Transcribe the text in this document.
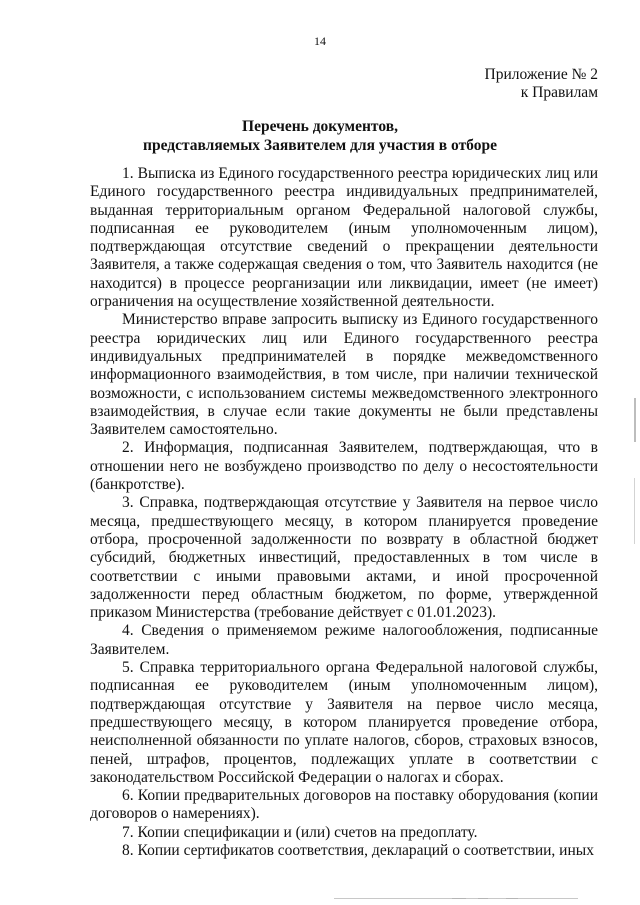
14
Приложение № 2
к Правилам
Перечень документов,
представляемых Заявителем для участия в отборе

1. Выписка из Единого государственного реестра юридических лиц или Единого государственного реестра индивидуальных предпринимателей, выданная территориальным органом Федеральной налоговой службы, подписанная ее руководителем (иным уполномоченным лицом), подтверждающая отсутствие сведений о прекращении деятельности Заявителя, а также содержащая сведения о том, что Заявитель находится (не находится) в процессе реорганизации или ликвидации, имеет (не имеет) ограничения на осуществление хозяйственной деятельности.

Министерство вправе запросить выписку из Единого государственного реестра юридических лиц или Единого государственного реестра индивидуальных предпринимателей в порядке межведомственного информационного взаимодействия, в том числе, при наличии технической возможности, с использованием системы межведомственного электронного взаимодействия, в случае если такие документы не были представлены Заявителем самостоятельно.

2. Информация, подписанная Заявителем, подтверждающая, что в отношении него не возбуждено производство по делу о несостоятельности (банкротстве).

3. Справка, подтверждающая отсутствие у Заявителя на первое число месяца, предшествующего месяцу, в котором планируется проведение отбора, просроченной задолженности по возврату в областной бюджет субсидий, бюджетных инвестиций, предоставленных в том числе в соответствии с иными правовыми актами, и иной просроченной задолженности перед областным бюджетом, по форме, утвержденной приказом Министерства (требование действует с 01.01.2023).

4. Сведения о применяемом режиме налогообложения, подписанные Заявителем.

5. Справка территориального органа Федеральной налоговой службы, подписанная ее руководителем (иным уполномоченным лицом), подтверждающая отсутствие у Заявителя на первое число месяца, предшествующего месяцу, в котором планируется проведение отбора, неисполненной обязанности по уплате налогов, сборов, страховых взносов, пеней, штрафов, процентов, подлежащих уплате в соответствии с законодательством Российской Федерации о налогах и сборах.

6. Копии предварительных договоров на поставку оборудования (копии договоров о намерениях).

7. Копии спецификации и (или) счетов на предоплату.

8. Копии сертификатов соответствия, деклараций о соответствии, иных
